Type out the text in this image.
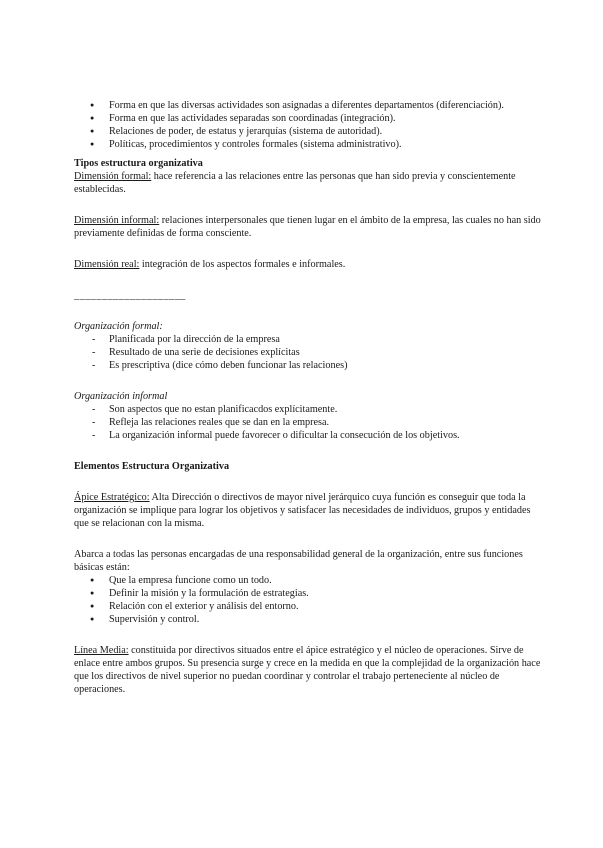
● Forma en que las diversas actividades son asignadas a diferentes departamentos (diferenciación).
● Forma en que las actividades separadas son coordinadas (integración).
● Relaciones de poder, de estatus y jerarquías (sistema de autoridad).
● Políticas, procedimientos y controles formales (sistema administrativo).

Tipos estructura organizativa

Dimensión formal: hace referencia a las relaciones entre las personas que han sido previa y conscientemente establecidas.

Dimensión informal: relaciones interpersonales que tienen lugar en el ámbito de la empresa, las cuales no han sido previamente definidas de forma consciente.

Dimensión real: integración de los aspectos formales e informales.

____________________

Organización formal:

- Planificada por la dirección de la empresa
- Resultado de una serie de decisiones explícitas
- Es prescriptiva (dice cómo deben funcionar las relaciones)

Organización informal

- Son aspectos que no estan planificacdos explícitamente.
- Refleja las relaciones reales que se dan en la empresa.
- La organización informal puede favorecer o dificultar la consecución de los objetivos.

Elementos Estructura Organizativa

Ápice Estratégico: Alta Dirección o directivos de mayor nivel jerárquico cuya función es conseguir que toda la organización se implique para lograr los objetivos y satisfacer las necesidades de individuos, grupos y entidades que se relacionan con la misma.

Abarca a todas las personas encargadas de una responsabilidad general de la organización, entre sus funciones básicas están:

● Que la empresa funcione como un todo.
● Definir la misión y la formulación de estrategias.
● Relación con el exterior y análisis del entorno.
● Supervisión y control.

Línea Media: constituida por directivos situados entre el ápice estratégico y el núcleo de operaciones. Sirve de enlace entre ambos grupos. Su presencia surge y crece en la medida en que la complejidad de la organización hace que los directivos de nivel superior no puedan coordinar y controlar el trabajo perteneciente al núcleo de operaciones.
